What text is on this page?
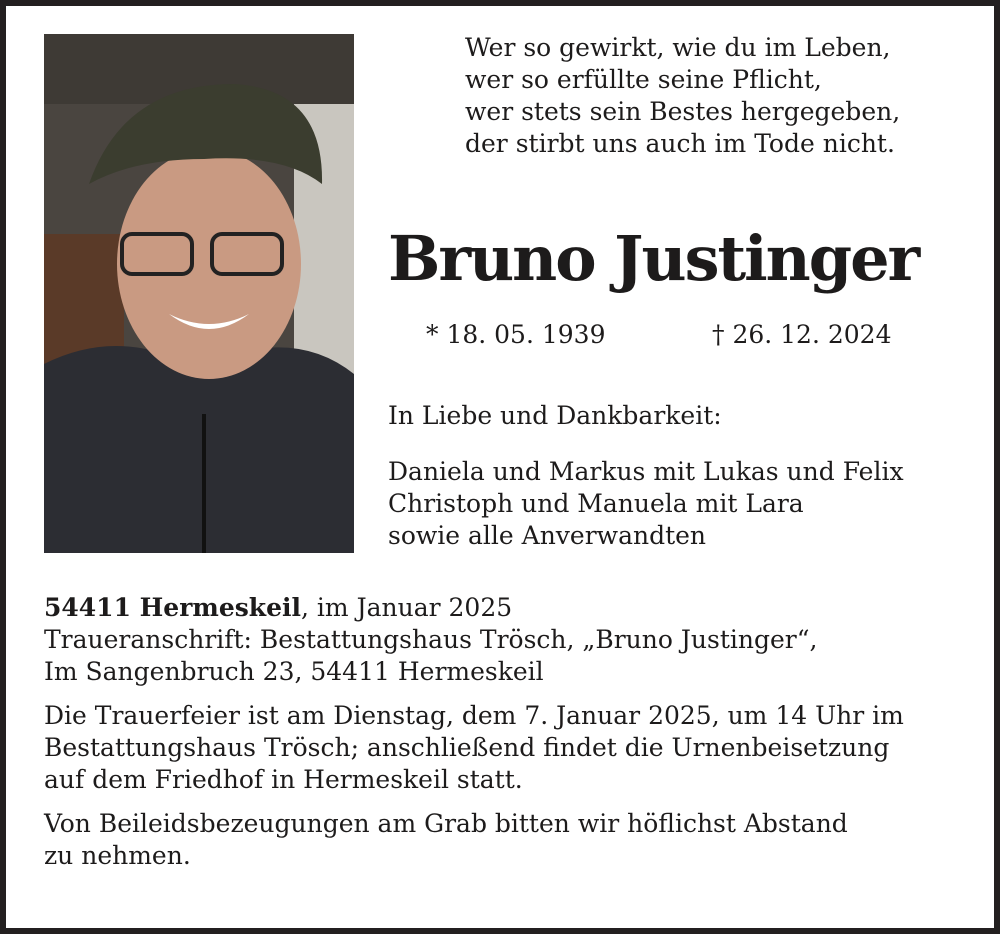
Wer so gewirkt, wie du im Leben,
wer so erfüllte seine Pflicht,
wer stets sein Bestes hergegeben,
der stirbt uns auch im Tode nicht.
Bruno Justinger
* 18. 05. 1939	† 26. 12. 2024
In Liebe und Dankbarkeit:
Daniela und Markus mit Lukas und Felix
Christoph und Manuela mit Lara
sowie alle Anverwandten

54411 Hermeskeil, im Januar 2025

Traueranschrift: Bestattungshaus Trösch, „Bruno Justinger“,

Im Sangenbruch 23, 54411 Hermeskeil

Die Trauerfeier ist am Dienstag, dem 7. Januar 2025, um 14 Uhr im

Bestattungshaus Trösch; anschließend findet die Urnenbeisetzung

auf dem Friedhof in Hermeskeil statt.

Von Beileidsbezeugungen am Grab bitten wir höflichst Abstand

zu nehmen.
